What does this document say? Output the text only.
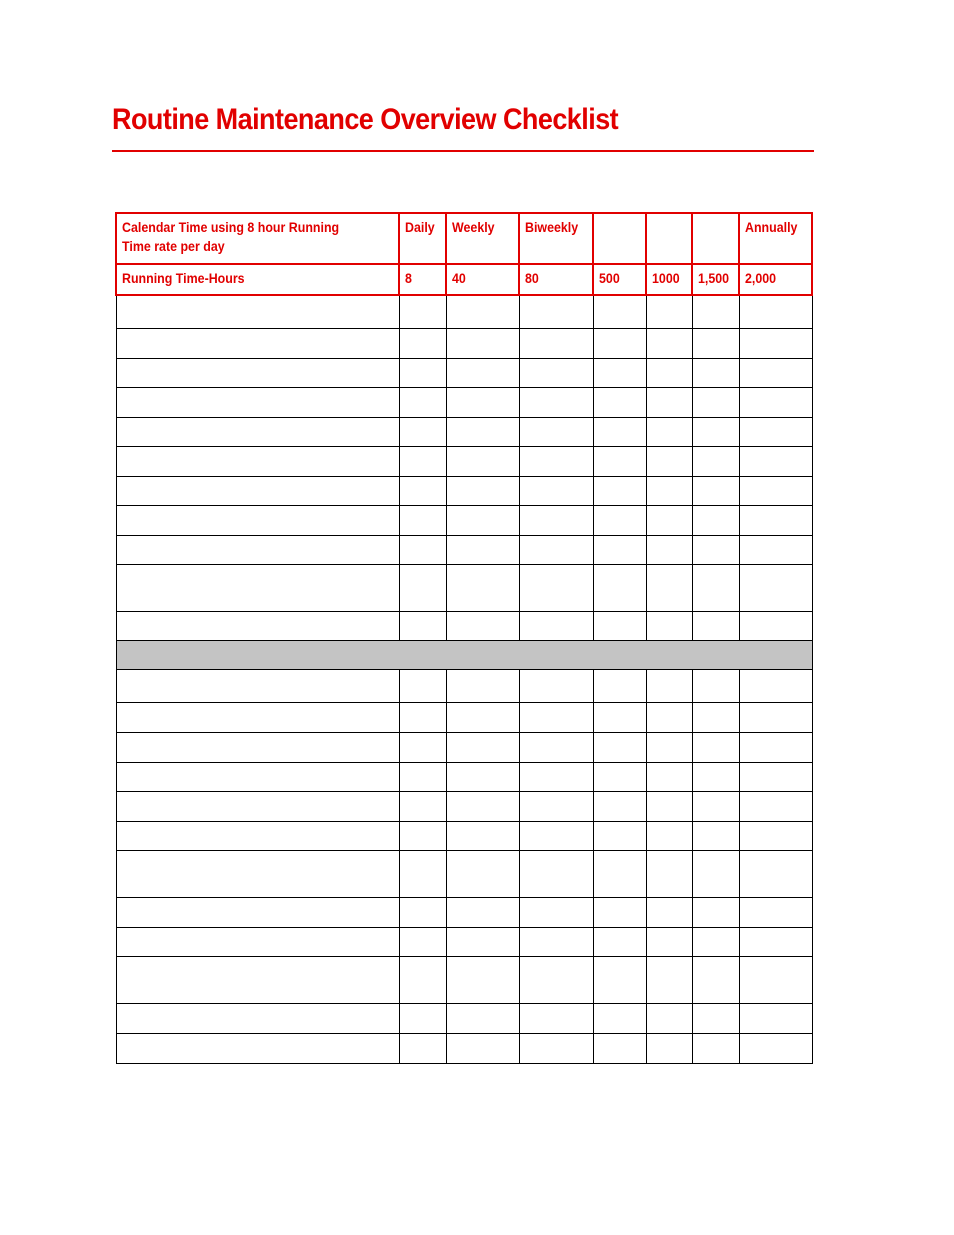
Routine Maintenance Overview Checklist
Calendar Time using 8 hour Running Time rate per day	Daily	Weekly	Biweekly				Annually
Running Time-Hours	8	40	80	500	1000	1,500	2,000
